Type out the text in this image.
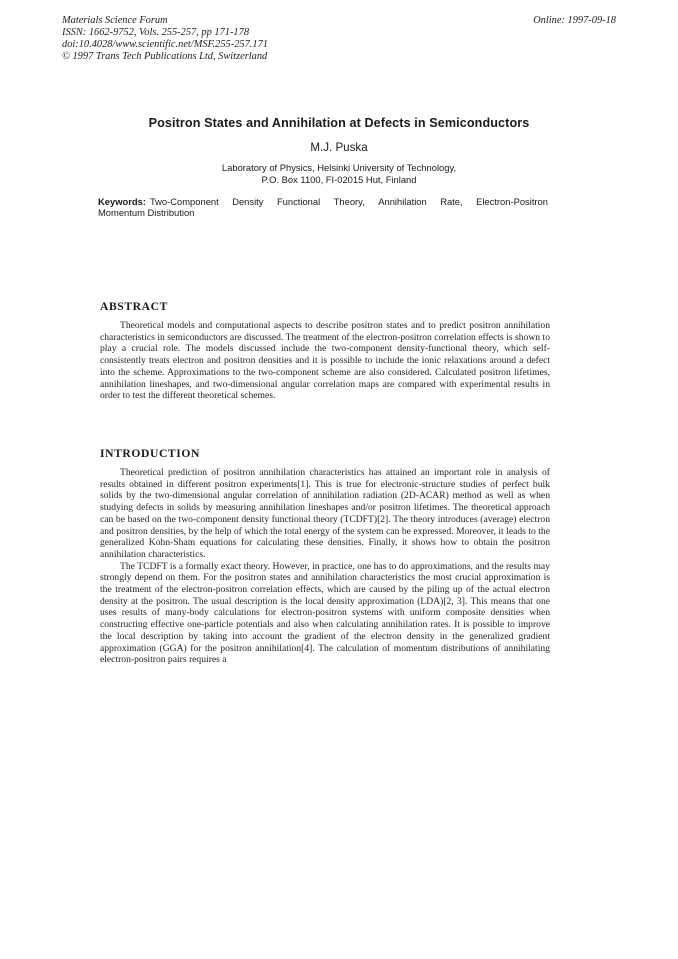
Materials Science Forum
ISSN: 1662-9752, Vols. 255-257, pp 171-178
doi:10.4028/www.scientific.net/MSF.255-257.171
© 1997 Trans Tech Publications Ltd, Switzerland
Online: 1997-09-18
Positron States and Annihilation at Defects in Semiconductors
M.J. Puska
Laboratory of Physics, Helsinki University of Technology,
P.O. Box 1100, FI-02015 Hut, Finland
Keywords: Two-Component Density Functional Theory, Annihilation Rate, Electron-Positron
Momentum Distribution
ABSTRACT

Theoretical models and computational aspects to describe positron states and to predict positron annihilation characteristics in semiconductors are discussed. The treatment of the electron-positron correlation effects is shown to play a crucial role. The models discussed include the two-component density-functional theory, which self-consistently treats electron and positron densities and it is possible to include the ionic relaxations around a defect into the scheme. Approximations to the two-component scheme are also considered. Calculated positron lifetimes, annihilation lineshapes, and two-dimensional angular correlation maps are compared with experimental results in order to test the different theoretical schemes.

INTRODUCTION

Theoretical prediction of positron annihilation characteristics has attained an important role in analysis of results obtained in different positron experiments[1]. This is true for electronic-structure studies of perfect bulk solids by the two-dimensional angular correlation of annihilation radiation (2D-ACAR) method as well as when studying defects in solids by measuring annihilation lineshapes and/or positron lifetimes. The theoretical approach can be based on the two-component density functional theory (TCDFT)[2]. The theory introduces (average) electron and positron densities, by the help of which the total energy of the system can be expressed. Moreover, it leads to the generalized Kohn-Sham equations for calculating these densities. Finally, it shows how to obtain the positron annihilation characteristics.

The TCDFT is a formally exact theory. However, in practice, one has to do approximations, and the results may strongly depend on them. For the positron states and annihilation characteristics the most crucial approximation is the treatment of the electron-positron correlation effects, which are caused by the piling up of the actual electron density at the positron. The usual description is the local density approximation (LDA)[2, 3]. This means that one uses results of many-body calculations for electron-positron systems with uniform composite densities when constructing effective one-particle potentials and also when calculating annihilation rates. It is possible to improve the local description by taking into account the gradient of the electron density in the generalized gradient approximation (GGA) for the positron annihilation[4]. The calculation of momentum distributions of annihilating electron-positron pairs requires a
